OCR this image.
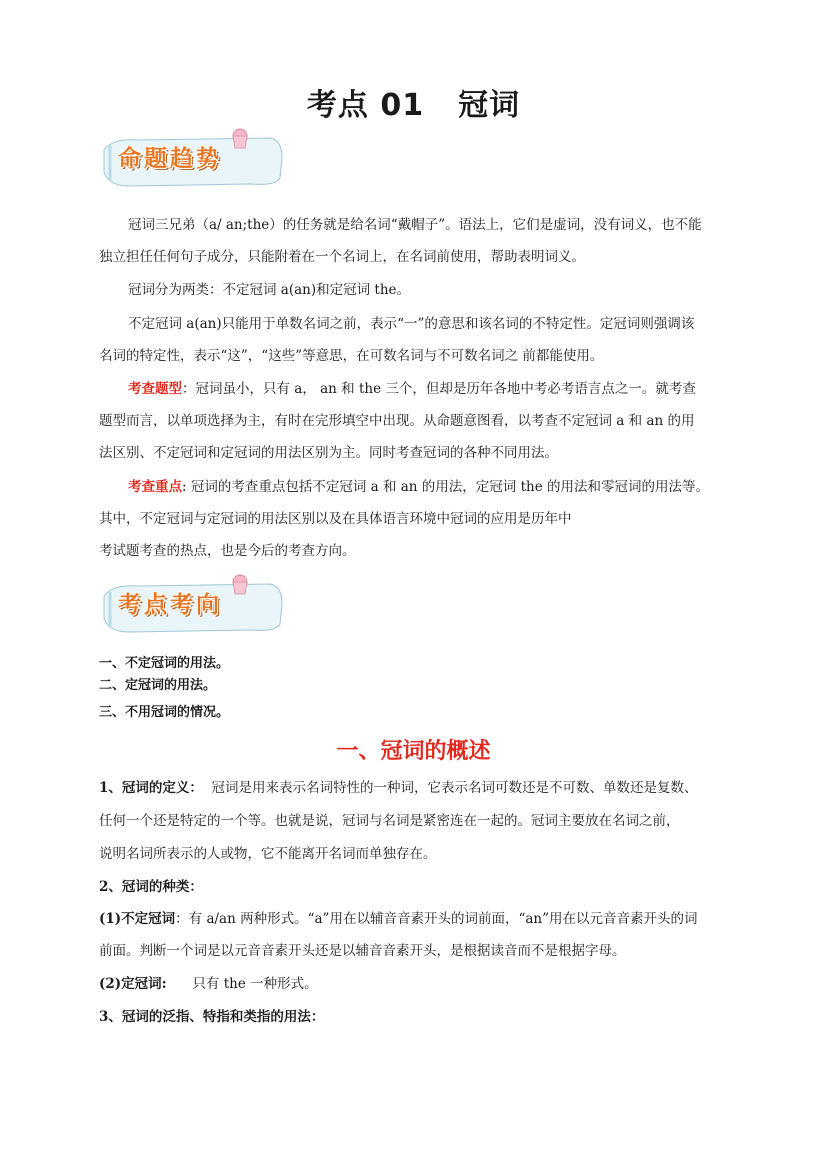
考点 01 冠词
命题趋势
冠词三兄弟（a/ an;the）的任务就是给名词“戴帽子”。语法上，它们是虚词，没有词义，也不能
独立担任任何句子成分，只能附着在一个名词上，在名词前使用，帮助表明词义。
冠词分为两类：不定冠词 a(an)和定冠词 the。
不定冠词 a(an)只能用于单数名词之前，表示“一”的意思和该名词的不特定性。定冠词则强调该
名词的特定性，表示“这”，“这些”等意思，在可数名词与不可数名词之 前都能使用。
考查题型：冠词虽小，只有 a， an 和 the 三个，但却是历年各地中考必考语言点之一。就考查
题型而言，以单项选择为主，有时在完形填空中出现。从命题意图看，以考查不定冠词 a 和 an 的用
法区别、不定冠词和定冠词的用法区别为主。同时考查冠词的各种不同用法。
考查重点: 冠词的考查重点包括不定冠词 a 和 an 的用法，定冠词 the 的用法和零冠词的用法等。
其中，不定冠词与定冠词的用法区别以及在具体语言环境中冠词的应用是历年中
考试题考查的热点，也是今后的考查方向。
考点考向
一、不定冠词的用法。
二、定冠词的用法。
三、不用冠词的情况。
一、冠词的概述
1、冠词的定义： 冠词是用来表示名词特性的一种词，它表示名词可数还是不可数、单数还是复数、
任何一个还是特定的一个等。也就是说，冠词与名词是紧密连在一起的。冠词主要放在名词之前，
说明名词所表示的人或物，它不能离开名词而单独存在。
2、冠词的种类：
(1)不定冠词：有 a/an 两种形式。“a”用在以辅音音素开头的词前面，“an”用在以元音音素开头的词
前面。判断一个词是以元音音素开头还是以辅音音素开头，是根据读音而不是根据字母。
(2)定冠词: 只有 the 一种形式。
3、冠词的泛指、特指和类指的用法：
